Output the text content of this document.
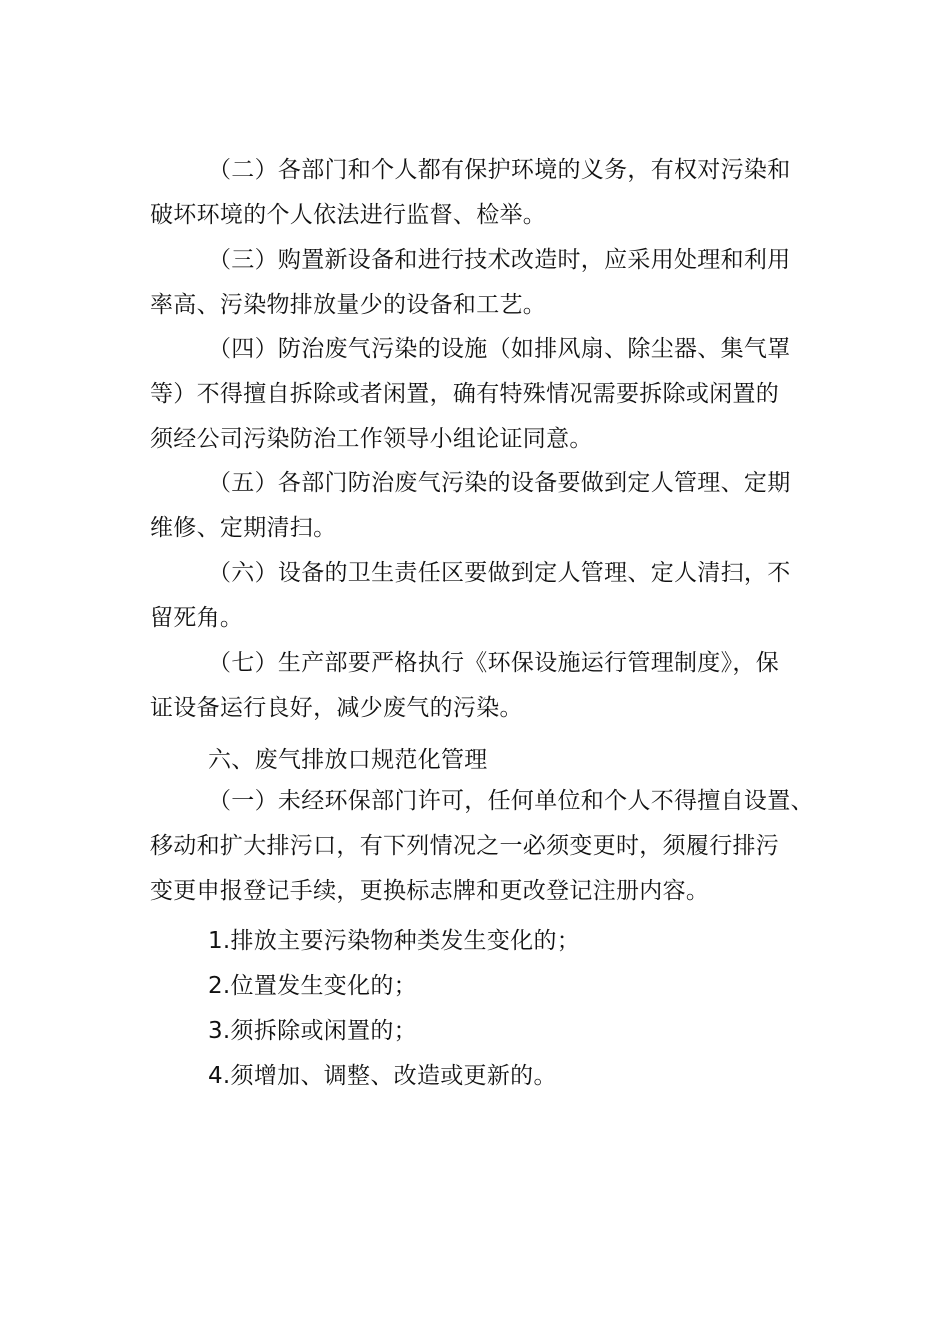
（二）各部门和个人都有保护环境的义务，有权对污染和
破坏环境的个人依法进行监督、检举。
（三）购置新设备和进行技术改造时，应采用处理和利用
率高、污染物排放量少的设备和工艺。
（四）防治废气污染的设施（如排风扇、除尘器、集气罩
等）不得擅自拆除或者闲置，确有特殊情况需要拆除或闲置的
须经公司污染防治工作领导小组论证同意。
（五）各部门防治废气污染的设备要做到定人管理、定期
维修、定期清扫。
（六）设备的卫生责任区要做到定人管理、定人清扫，不
留死角。
（七）生产部要严格执行《环保设施运行管理制度》，保
证设备运行良好，减少废气的污染。
六、废气排放口规范化管理
（一）未经环保部门许可，任何单位和个人不得擅自设置、
移动和扩大排污口，有下列情况之一必须变更时，须履行排污
变更申报登记手续，更换标志牌和更改登记注册内容。
1.排放主要污染物种类发生变化的；
2.位置发生变化的；
3.须拆除或闲置的；
4.须增加、调整、改造或更新的。
